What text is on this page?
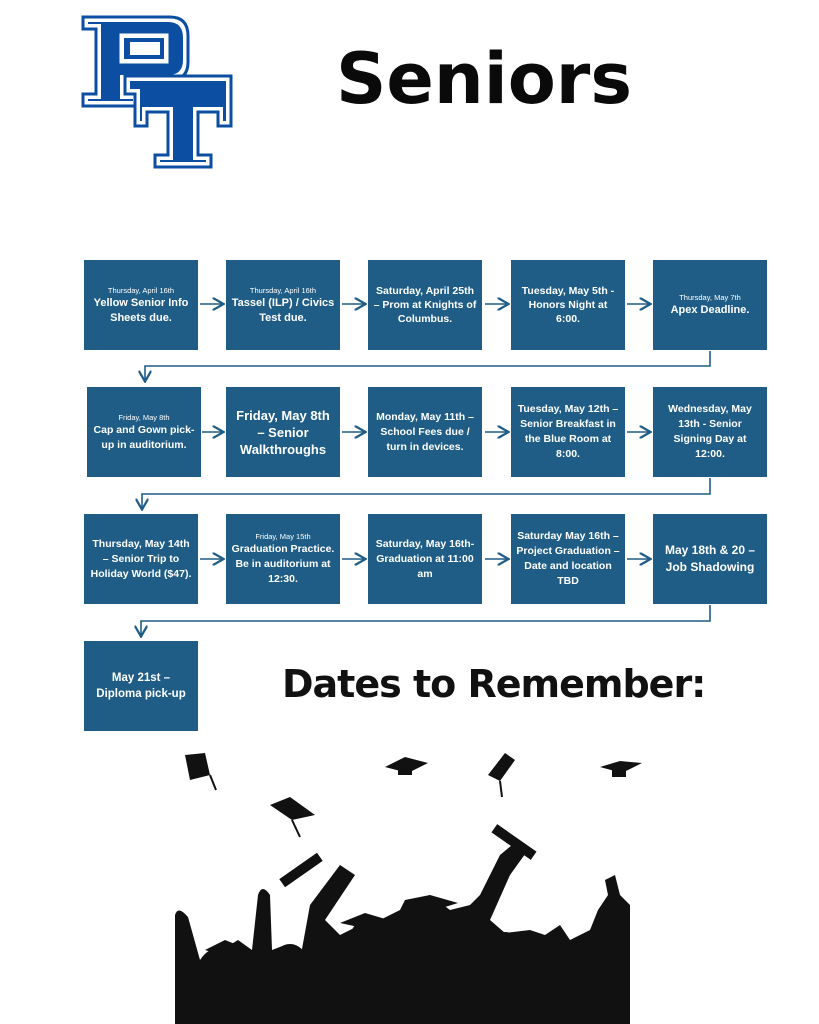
Seniors
Thursday, April 16th
Yellow Senior Info Sheets due.
Thursday, April 16th
Tassel (ILP) / Civics Test due.
Saturday, April 25th – Prom at Knights of Columbus.
Tuesday, May 5th - Honors Night at 6:00.
Thursday, May 7th
Apex Deadline.
Friday, May 8th
Cap and Gown pick-up in auditorium.
Friday, May 8th – Senior Walkthroughs
Monday, May 11th – School Fees due / turn in devices.
Tuesday, May 12th – Senior Breakfast in the Blue Room at 8:00.
Wednesday, May 13th - Senior Signing Day at 12:00.
Thursday, May 14th – Senior Trip to Holiday World ($47).
Friday, May 15th
Graduation Practice. Be in auditorium at 12:30.
Saturday, May 16th- Graduation at 11:00 am
Saturday May 16th – Project Graduation – Date and location TBD
May 18th & 20 – Job Shadowing
May 21st – Diploma pick-up	Dates to Remember:
